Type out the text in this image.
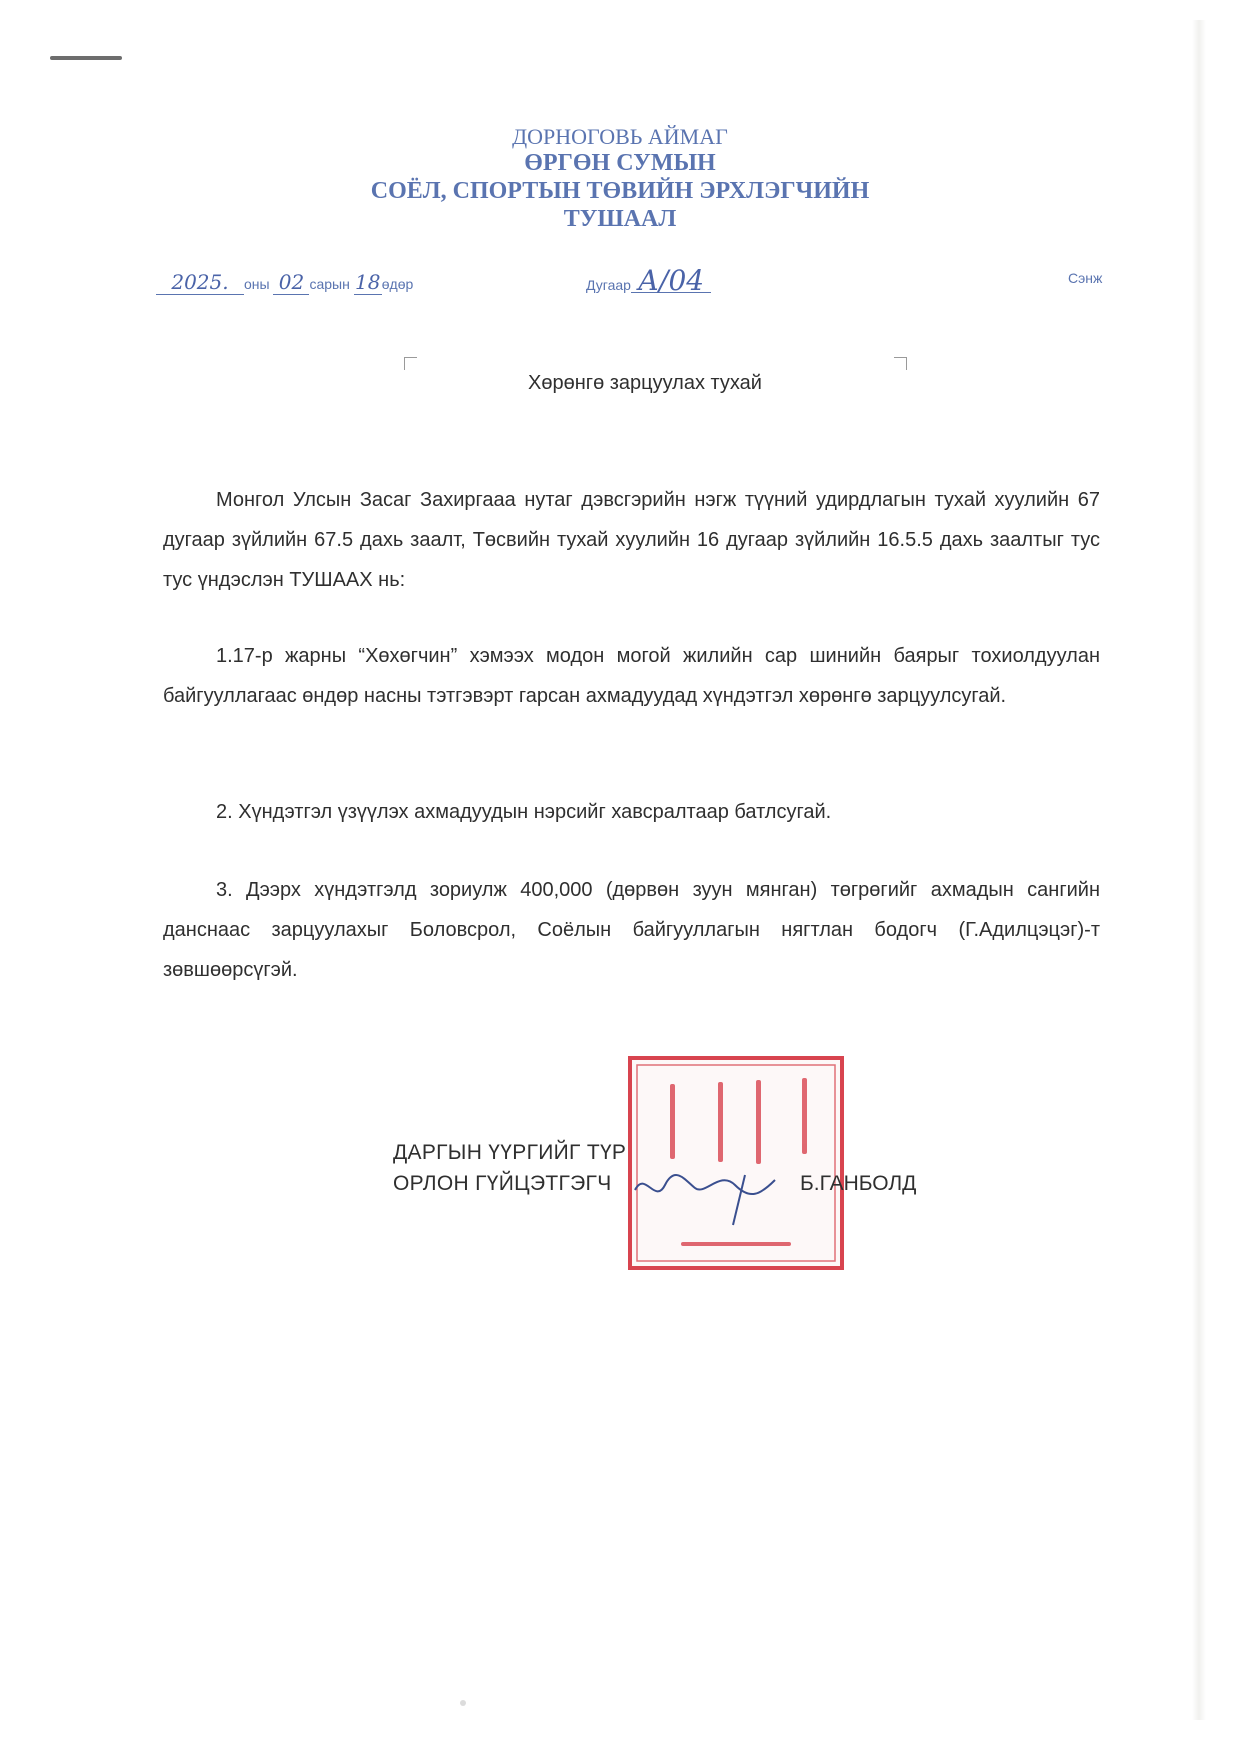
ДОРНОГОВЬ АЙМАГ
ӨРГӨН СУМЫН
СОЁЛ, СПОРТЫН ТӨВИЙН ЭРХЛЭГЧИЙН
ТУШААЛ
2025. оны 02 сарын 18өдөр	Дугаар А/04	Сэнж
Хөрөнгө зарцуулах тухай

Монгол Улсын Засаг Захиргааа нутаг дэвсгэрийн нэгж түүний удирдлагын тухай хуулийн 67 дугаар зүйлийн 67.5 дахь заалт, Төсвийн тухай хуулийн 16 дугаар зүйлийн 16.5.5 дахь заалтыг тус тус үндэслэн ТУШААХ нь:

1.17-р жарны “Хөхөгчин” хэмээх модон могой жилийн сар шинийн баярыг тохиолдуулан байгууллагаас өндөр насны тэтгэвэрт гарсан ахмадуудад хүндэтгэл хөрөнгө зарцуулсугай.

2. Хүндэтгэл үзүүлэх ахмадуудын нэрсийг хавсралтаар батлсугай.

3. Дээрх хүндэтгэлд зориулж 400,000 (дөрвөн зуун мянган) төгрөгийг ахмадын сангийн данснаас зарцуулахыг Боловсрол, Соёлын байгууллагын нягтлан бодогч (Г.Адилцэцэг)-т зөвшөөрсүгэй.

ДАРГЫН ҮҮРГИЙГ ТҮР
ОРЛОН ГҮЙЦЭТГЭГЧ	Б.ГАНБОЛД
